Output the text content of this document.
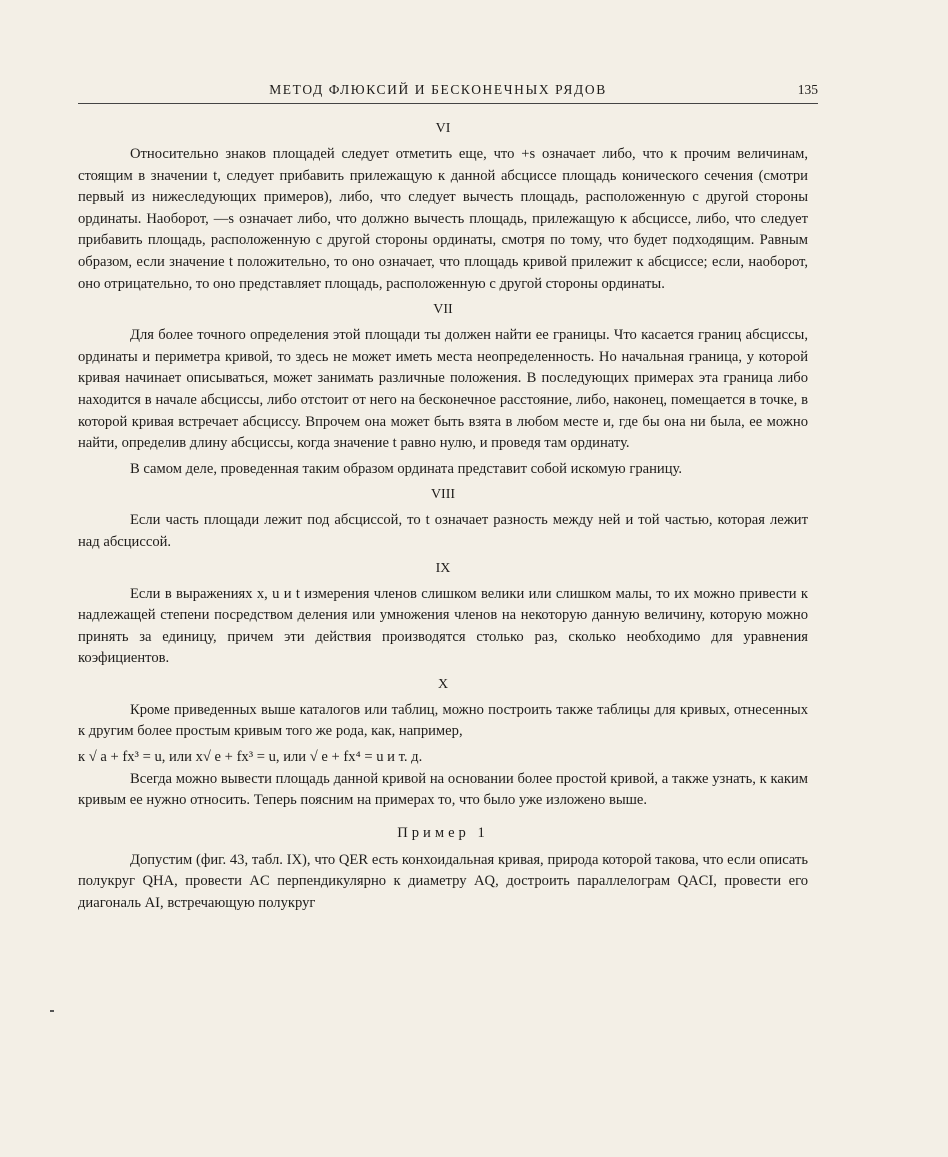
МЕТОД ФЛЮКСИЙ И БЕСКОНЕЧНЫХ РЯДОВ	135
VI

Относительно знаков площадей следует отметить еще, что +s означает либо, что к прочим величинам, стоящим в значении t, следует прибавить прилежащую к данной абсциссе площадь конического сечения (смотри первый из нижеследующих примеров), либо, что следует вычесть площадь, расположенную с другой стороны ординаты. Наоборот, —s означает либо, что должно вычесть площадь, прилежащую к абсциссе, либо, что следует прибавить площадь, расположенную с другой стороны ординаты, смотря по тому, что будет подходящим. Равным образом, если значение t положительно, то оно означает, что площадь кривой прилежит к абсциссе; если, наоборот, оно отрицательно, то оно представляет площадь, расположенную с другой стороны ординаты.

VII

Для более точного определения этой площади ты должен найти ее границы. Что касается границ абсциссы, ординаты и периметра кривой, то здесь не может иметь места неопределенность. Но начальная граница, у которой кривая начинает описываться, может занимать различные положения. В последующих примерах эта граница либо находится в начале абсциссы, либо отстоит от него на бесконечное расстояние, либо, наконец, помещается в точке, в которой кривая встречает абсциссу. Впрочем она может быть взята в любом месте и, где бы она ни была, ее можно найти, определив длину абсциссы, когда значение t равно нулю, и проведя там ординату.

В самом деле, проведенная таким образом ордината представит собой искомую границу.

VIII

Если часть площади лежит под абсциссой, то t означает разность между ней и той частью, которая лежит над абсциссой.

IX

Если в выражениях x, u и t измерения членов слишком велики или слишком малы, то их можно привести к надлежащей степени посредством деления или умножения членов на некоторую данную величину, которую можно принять за единицу, причем эти действия производятся столько раз, сколько необходимо для уравнения коэфициентов.

X

Кроме приведенных выше каталогов или таблиц, можно построить также таблицы для кривых, отнесенных к другим более простым кривым того же рода, как, например,

к √ a + fx³ = u, или x√ e + fx³ = u, или √ e + fx⁴ = u и т. д.

Всегда можно вывести площадь данной кривой на основании более простой кривой, а также узнать, к каким кривым ее нужно относить. Теперь поясним на примерах то, что было уже изложено выше.

Пример 1

Допустим (фиг. 43, табл. IX), что QER есть конхоидальная кривая, природа которой такова, что если описать полукруг QHA, провести AC перпендикулярно к диаметру AQ, достроить параллелограм QACI, провести его диагональ AI, встречающую полукруг
